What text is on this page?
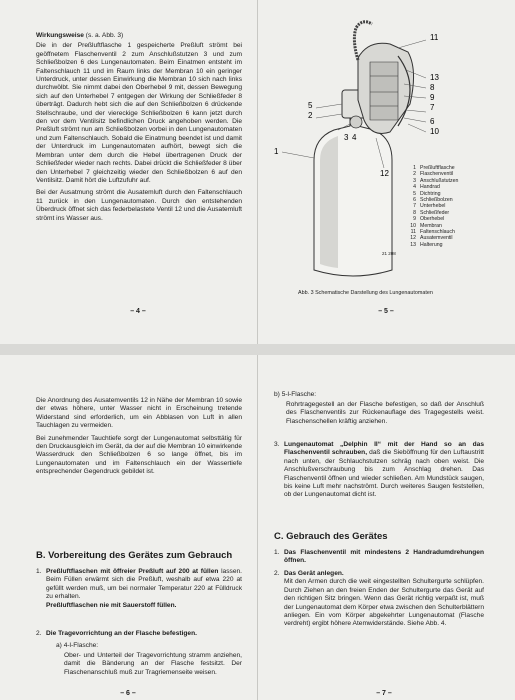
Wirkungsweise (s. a. Abb. 3)

Die in der Preßluftflasche 1 gespeicherte Preßluft strömt bei geöffnetem Flaschenventil 2 zum Anschlußstutzen 3 und zum Schließbolzen 6 des Lungenautomaten. Beim Einatmen entsteht im Faltenschlauch 11 und im Raum links der Membran 10 ein geringer Unterdruck, unter dessen Einwirkung die Membran 10 sich nach links durchwölbt. Sie nimmt dabei den Oberhebel 9 mit, dessen Bewegung sich auf den Unterhebel 7 entgegen der Wirkung der Schließfeder 8 überträgt. Dadurch hebt sich die auf den Schließbolzen 6 drückende Stellschraube, und der viereckige Schließbolzen 6 kann jetzt durch den vor dem Ventilsitz befindlichen Druck angehoben werden. Die Preßluft strömt nun am Schließbolzen vorbei in den Lungenautomaten und zum Faltenschlauch. Sobald die Einatmung beendet ist und damit der Unterdruck im Lungenautomaten aufhört, bewegt sich die Membran unter dem durch die Hebel übertragenen Druck der Schließfeder wieder nach rechts. Dabei drückt die Schließfeder 8 über den Unterhebel 7 gleichzeitig wieder den Schließbolzen 6 auf den Ventilsitz. Damit hört die Luftzufuhr auf.

Bei der Ausatmung strömt die Ausatemluft durch den Faltenschlauch 11 zurück in den Lungenautomaten. Durch den entstehenden Überdruck öffnet sich das federbelastete Ventil 12 und die Ausatemluft strömt ins Wasser aus.

– 4 –
11
13
8
9
7
6
10
5
2
3 4
1
12
1 Preßluftflasche
2 Flaschenventil
3 Anschlußstutzen
4 Handrad
5 Dichtring
6 Schließbolzen
7 Unterhebel
8 Schließfeder
9 Oberhebel
10 Membran
11 Faltenschlauch
12 Ausatemventil
13 Halterung
21 208
Abb. 3 Schematische Darstellung des Lungenautomaten
– 5 –

Die Anordnung des Ausatemventils 12 in Nähe der Membran 10 sowie der etwas höhere, unter Wasser nicht in Erscheinung tretende Widerstand sind erforderlich, um ein Abblasen von Luft in allen Tauchlagen zu vermeiden.

Bei zunehmender Tauchtiefe sorgt der Lungenautomat selbsttätig für den Druckausgleich im Gerät, da der auf die Membran 10 einwirkende Wasserdruck den Schließbolzen 6 so lange öffnet, bis im Lungenautomaten und im Faltenschlauch ein der Wassertiefe entsprechender Gegendruck gebildet ist.

B. Vorbereitung des Gerätes zum Gebrauch
1. Preßluftflaschen mit öffreier Preßluft auf 200 at füllen lassen. Beim Füllen erwärmt sich die Preßluft, weshalb auf etwa 220 at gefüllt werden muß, um bei normaler Temperatur 220 at Fülldruck zu erhalten.
Preßluftflaschen nie mit Sauerstoff füllen.
2. Die Tragevorrichtung an der Flasche befestigen.
a) 4-l-Flasche:
Ober- und Unterteil der Tragevorrichtung stramm anziehen, damit die Bänderung an der Flasche festsitzt. Der Flaschenanschluß muß zur Tragriemenseite weisen.
– 6 –
b) 5-l-Flasche:
Rohrtragegestell an der Flasche befestigen, so daß der Anschluß des Flaschenventils zur Rückenauflage des Tragegestells weist. Flaschenschellen kräftig anziehen.
3. Lungenautomat „Delphin II“ mit der Hand so an das Flaschenventil schrauben, daß die Sieböffnung für den Luftaustritt nach unten, der Schlauchstutzen schräg nach oben weist. Die Anschlußverschraubung bis zum Anschlag drehen. Das Flaschenventil öffnen und wieder schließen. Am Mundstück saugen, bis keine Luft mehr nachströmt. Durch weiteres Saugen feststellen, ob der Lungenautomat dicht ist.
C. Gebrauch des Gerätes
1. Das Flaschenventil mit mindestens 2 Handradumdrehungen öffnen.
2. Das Gerät anlegen.
Mit den Armen durch die weit eingestellten Schultergurte schlüpfen. Durch Ziehen an den freien Enden der Schultergurte das Gerät auf den richtigen Sitz bringen. Wenn das Gerät richtig verpaßt ist, muß der Lungenautomat dem Körper etwa zwischen den Schulterblättern anliegen. Ein vom Körper abgekehrter Lungenautomat (Flasche verdreht) ergibt höhere Atemwiderstände. Siehe Abb. 4.
– 7 –
